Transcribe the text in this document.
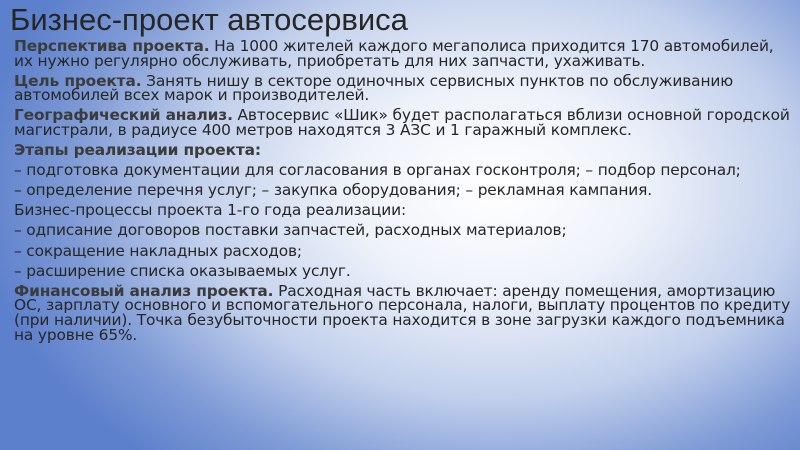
Бизнес-проект автосервиса

Перспектива проекта. На 1000 жителей каждого мегаполиса приходится 170 автомобилей, их нужно регулярно обслуживать, приобретать для них запчасти, ухаживать.

Цель проекта. Занять нишу в секторе одиночных сервисных пунктов по обслуживанию автомобилей всех марок и производителей.

Географический анализ. Автосервис «Шик» будет располагаться вблизи основной городской магистрали, в радиусе 400 метров находятся 3 АЗС и 1 гаражный комплекс.

Этапы реализации проекта:

– подготовка документации для согласования в органах госконтроля; – подбор персонал;

– определение перечня услуг; – закупка оборудования; – рекламная кампания.

Бизнес-процессы проекта 1-го года реализации:

– одписание договоров поставки запчастей, расходных материалов;

– сокращение накладных расходов;

– расширение списка оказываемых услуг.

Финансовый анализ проекта. Расходная часть включает: аренду помещения, амортизацию ОС, зарплату основного и вспомогательного персонала, налоги, выплату процентов по кредиту (при наличии). Точка безубыточности проекта находится в зоне загрузки каждого подъемника на уровне 65%.
